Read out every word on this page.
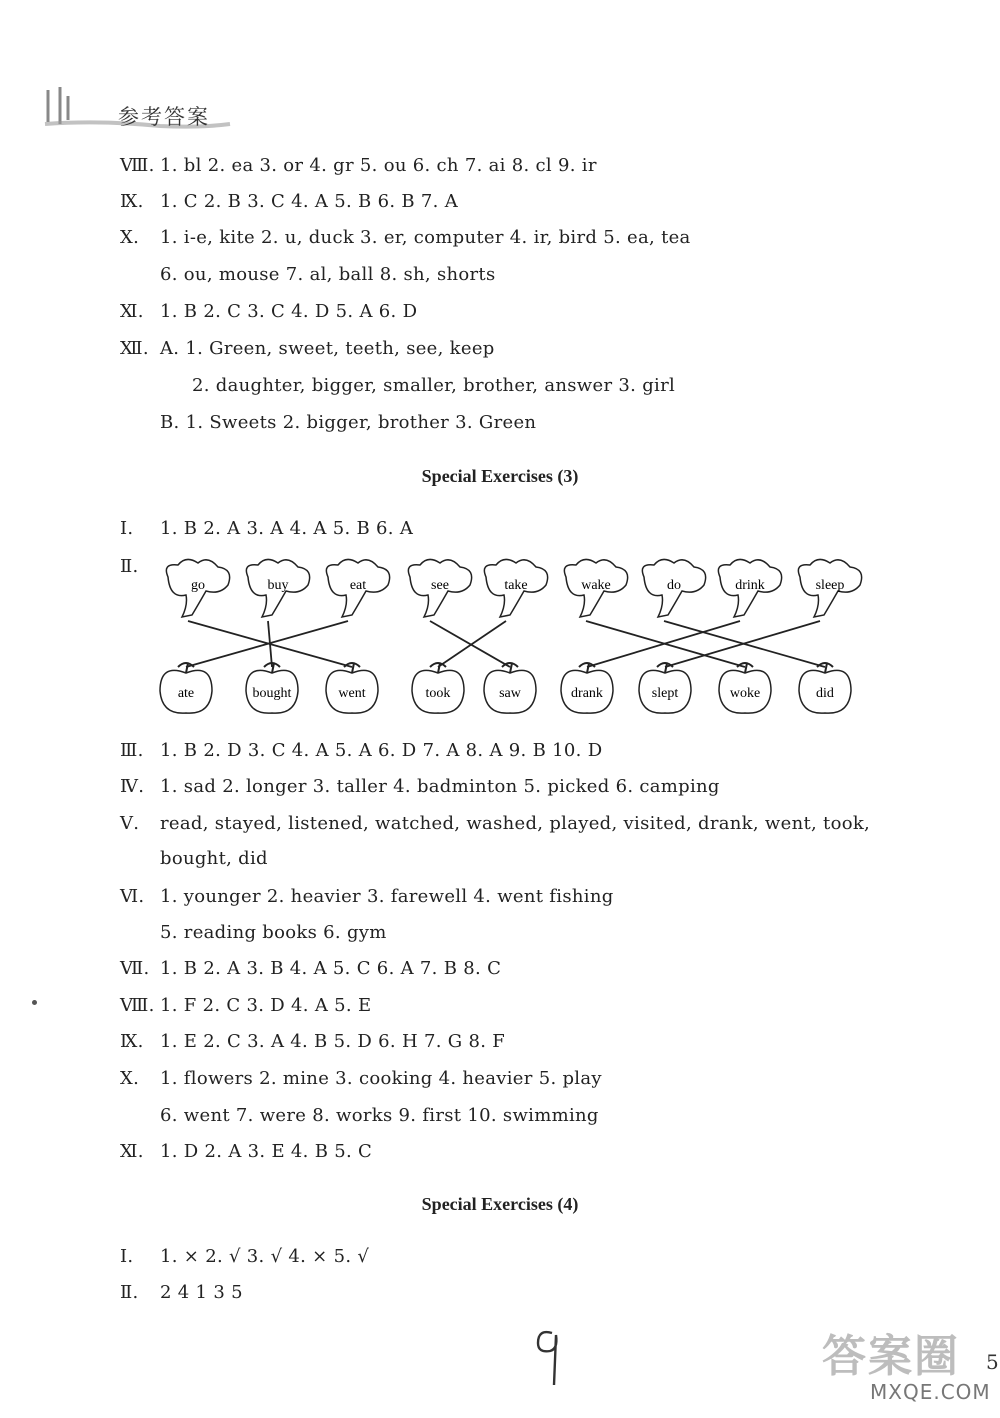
参考答案
Ⅷ. 1. bl 2. ea 3. or 4. gr 5. ou 6. ch 7. ai 8. cl 9. ir
Ⅸ. 1. C 2. B 3. C 4. A 5. B 6. B 7. A
Ⅹ. 1. i-e, kite 2. u, duck 3. er, computer 4. ir, bird 5. ea, tea
6. ou, mouse 7. al, ball 8. sh, shorts
Ⅺ. 1. B 2. C 3. C 4. D 5. A 6. D
Ⅻ. A. 1. Green, sweet, teeth, see, keep
2. daughter, bigger, smaller, brother, answer 3. girl
B. 1. Sweets 2. bigger, brother 3. Green
Special Exercises (3)
Ⅰ. 1. B 2. A 3. A 4. A 5. B 6. A
Ⅱ.
go	buy	eat	see	take	wake	do	drink	sleep
ate	bought	went	took	saw	drank	slept	woke	did
Ⅲ. 1. B 2. D 3. C 4. A 5. A 6. D 7. A 8. A 9. B 10. D
Ⅳ. 1. sad 2. longer 3. taller 4. badminton 5. picked 6. camping
Ⅴ. read, stayed, listened, watched, washed, played, visited, drank, went, took,
bought, did
Ⅵ. 1. younger 2. heavier 3. farewell 4. went fishing
5. reading books 6. gym
Ⅶ. 1. B 2. A 3. B 4. A 5. C 6. A 7. B 8. C
Ⅷ. 1. F 2. C 3. D 4. A 5. E
Ⅸ. 1. E 2. C 3. A 4. B 5. D 6. H 7. G 8. F
Ⅹ. 1. flowers 2. mine 3. cooking 4. heavier 5. play
6. went 7. were 8. works 9. first 10. swimming
Ⅺ. 1. D 2. A 3. E 4. B 5. C
Special Exercises (4)
Ⅰ. 1. × 2. √ 3. √ 4. × 5. √
Ⅱ. 2 4 1 3 5
答案圈
MXQE.COM
5
